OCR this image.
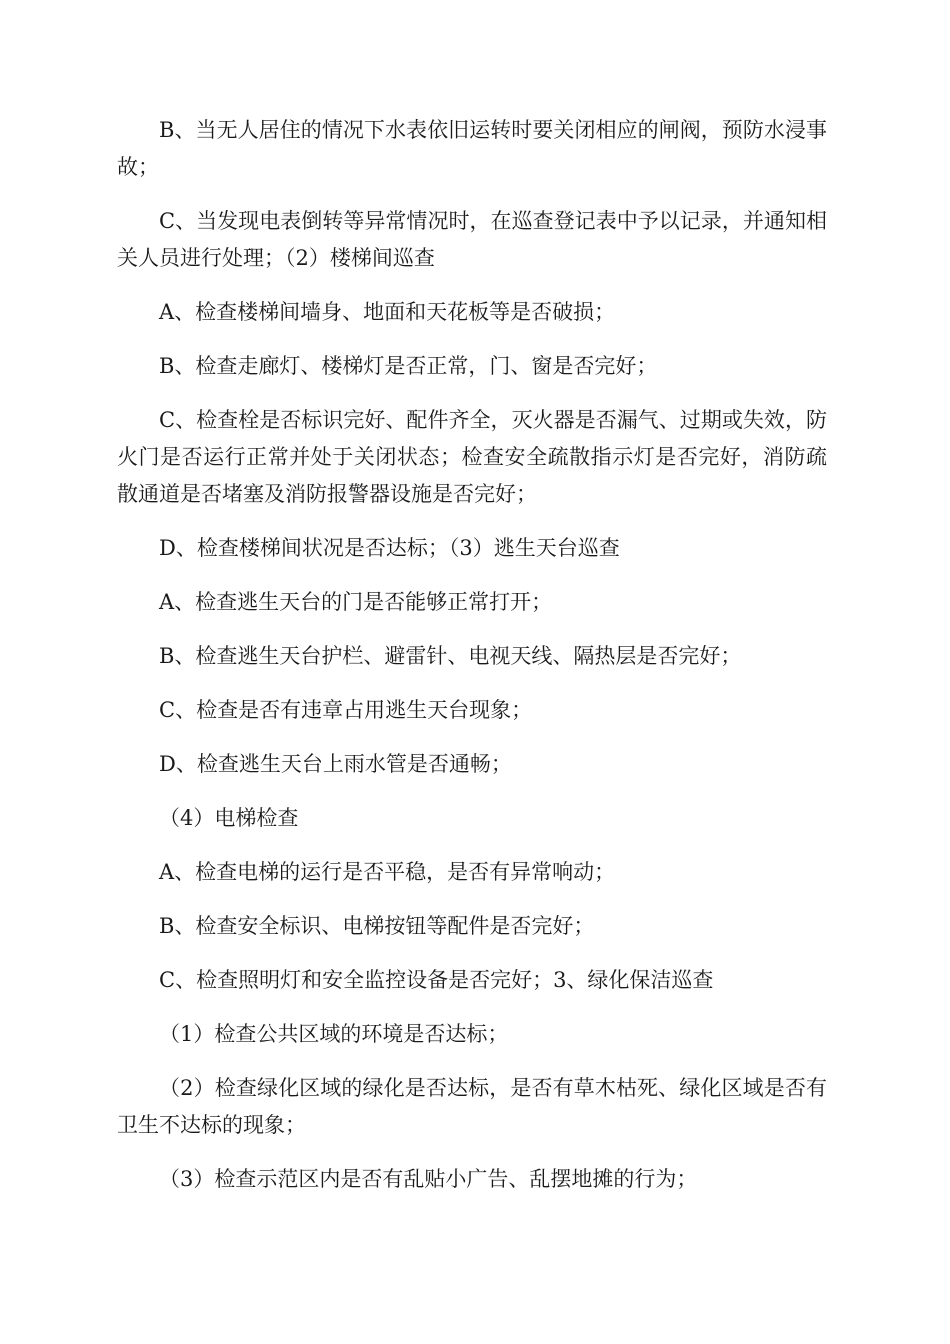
B、当无人居住的情况下水表依旧运转时要关闭相应的闸阀，预防水浸事故；

C、当发现电表倒转等异常情况时，在巡查登记表中予以记录，并通知相关人员进行处理；（2）楼梯间巡查

A、检查楼梯间墙身、地面和天花板等是否破损；

B、检查走廊灯、楼梯灯是否正常，门、窗是否完好；

C、检查栓是否标识完好、配件齐全，灭火器是否漏气、过期或失效，防火门是否运行正常并处于关闭状态；检查安全疏散指示灯是否完好，消防疏散通道是否堵塞及消防报警器设施是否完好；

D、检查楼梯间状况是否达标；（3）逃生天台巡查

A、检查逃生天台的门是否能够正常打开；

B、检查逃生天台护栏、避雷针、电视天线、隔热层是否完好；

C、检查是否有违章占用逃生天台现象；

D、检查逃生天台上雨水管是否通畅；

（4）电梯检查

A、检查电梯的运行是否平稳，是否有异常响动；

B、检查安全标识、电梯按钮等配件是否完好；

C、检查照明灯和安全监控设备是否完好；3、绿化保洁巡查

（1）检查公共区域的环境是否达标；

（2）检查绿化区域的绿化是否达标，是否有草木枯死、绿化区域是否有卫生不达标的现象；

（3）检查示范区内是否有乱贴小广告、乱摆地摊的行为；
